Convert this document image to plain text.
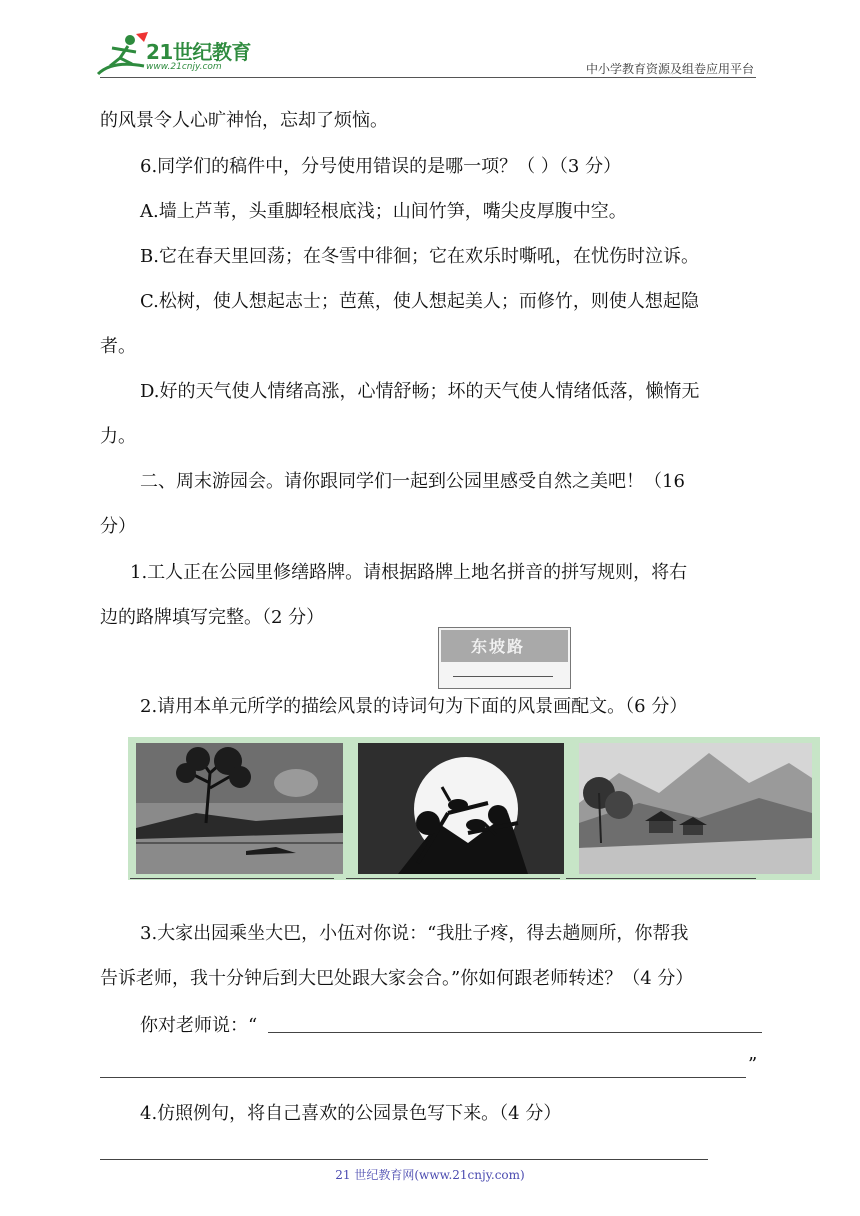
21世纪教育
www.21cnjy.com	中小学教育资源及组卷应用平台
的风景令人心旷神怡，忘却了烦恼。
6.同学们的稿件中，分号使用错误的是哪一项？（ ）（3 分）
A.墙上芦苇，头重脚轻根底浅；山间竹笋，嘴尖皮厚腹中空。
B.它在春天里回荡；在冬雪中徘徊；它在欢乐时嘶吼，在忧伤时泣诉。
C.松树，使人想起志士；芭蕉，使人想起美人；而修竹，则使人想起隐
者。
D.好的天气使人情绪高涨，心情舒畅；坏的天气使人情绪低落，懒惰无
力。
二、周末游园会。请你跟同学们一起到公园里感受自然之美吧！（16
分）
1.工人正在公园里修缮路牌。请根据路牌上地名拼音的拼写规则，将右
边的路牌填写完整。（2 分）
东坡路
2.请用本单元所学的描绘风景的诗词句为下面的风景画配文。（6 分）
3.大家出园乘坐大巴，小伍对你说：“我肚子疼，得去趟厕所，你帮我
告诉老师，我十分钟后到大巴处跟大家会合。”你如何跟老师转述？（4 分）
你对老师说：“
”
4.仿照例句，将自己喜欢的公园景色写下来。（4 分）
21 世纪教育网(www.21cnjy.com)
